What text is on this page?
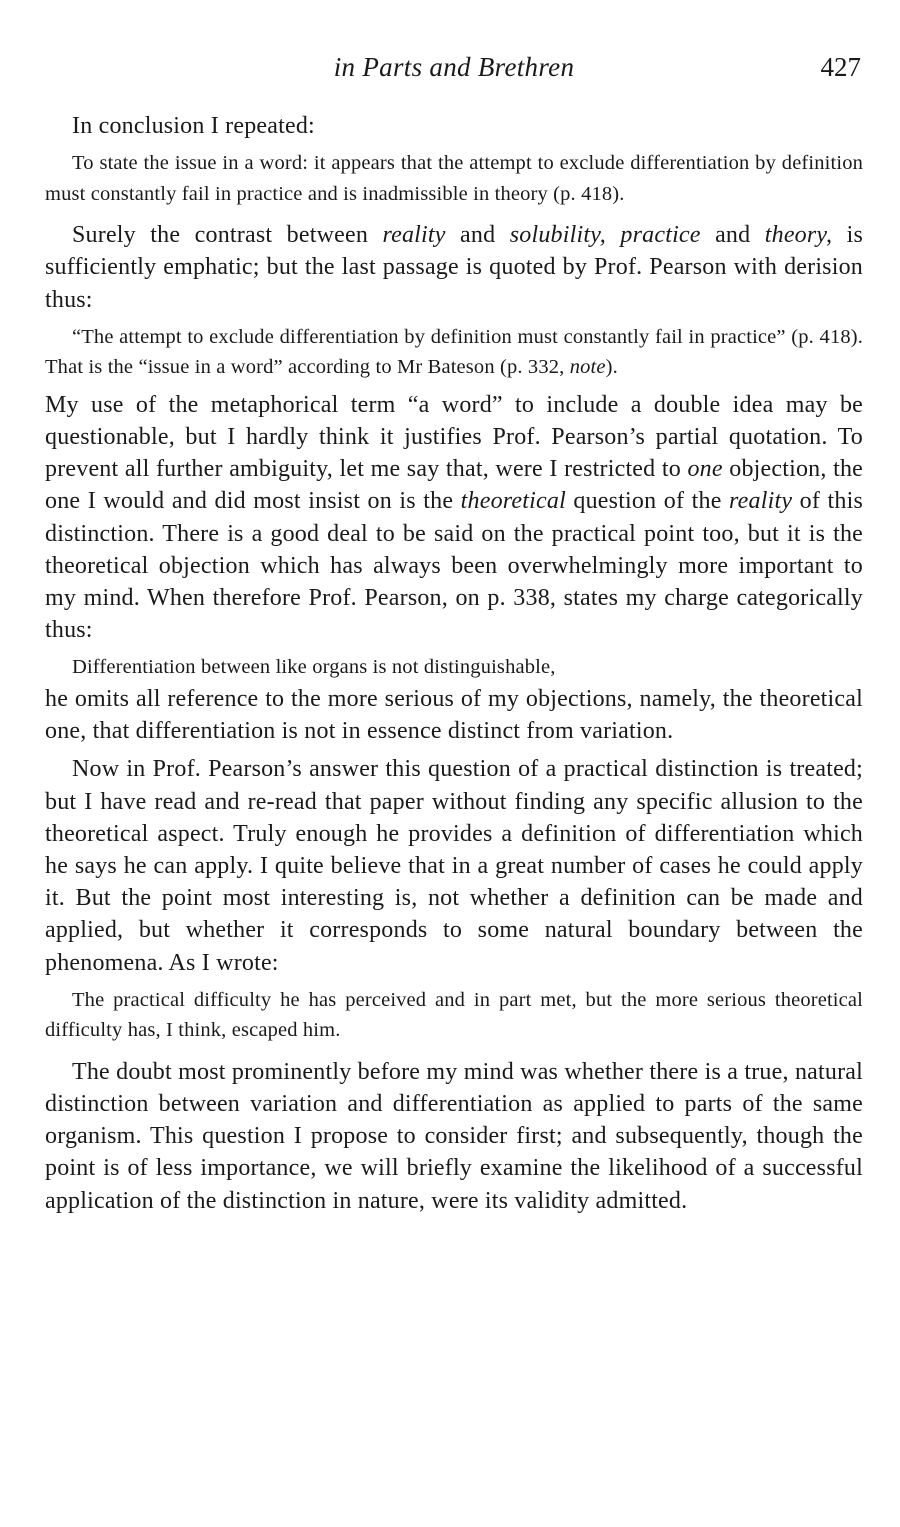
in Parts and Brethren	427

In conclusion I repeated:

To state the issue in a word: it appears that the attempt to exclude differentiation by definition must constantly fail in practice and is inadmissible in theory (p. 418).

Surely the contrast between reality and solubility, practice and theory, is sufficiently emphatic; but the last passage is quoted by Prof. Pearson with derision thus:

“The attempt to exclude differentiation by definition must constantly fail in practice” (p. 418). That is the “issue in a word” according to Mr Bateson (p. 332, note).

My use of the metaphorical term “a word” to include a double idea may be questionable, but I hardly think it justifies Prof. Pearson’s partial quotation. To prevent all further ambiguity, let me say that, were I restricted to one objection, the one I would and did most insist on is the theoretical question of the reality of this distinction. There is a good deal to be said on the practical point too, but it is the theoretical objection which has always been overwhelmingly more important to my mind. When therefore Prof. Pearson, on p. 338, states my charge categorically thus:

Differentiation between like organs is not distinguishable,

he omits all reference to the more serious of my objections, namely, the theoretical one, that differentiation is not in essence distinct from variation.

Now in Prof. Pearson’s answer this question of a practical distinction is treated; but I have read and re-read that paper without finding any specific allusion to the theoretical aspect. Truly enough he provides a definition of differentiation which he says he can apply. I quite believe that in a great number of cases he could apply it. But the point most interesting is, not whether a definition can be made and applied, but whether it corresponds to some natural boundary between the phenomena. As I wrote:

The practical difficulty he has perceived and in part met, but the more serious theoretical difficulty has, I think, escaped him.

The doubt most prominently before my mind was whether there is a true, natural distinction between variation and differentiation as applied to parts of the same organism. This question I propose to consider first; and subsequently, though the point is of less importance, we will briefly examine the likelihood of a successful application of the distinction in nature, were its validity admitted.
